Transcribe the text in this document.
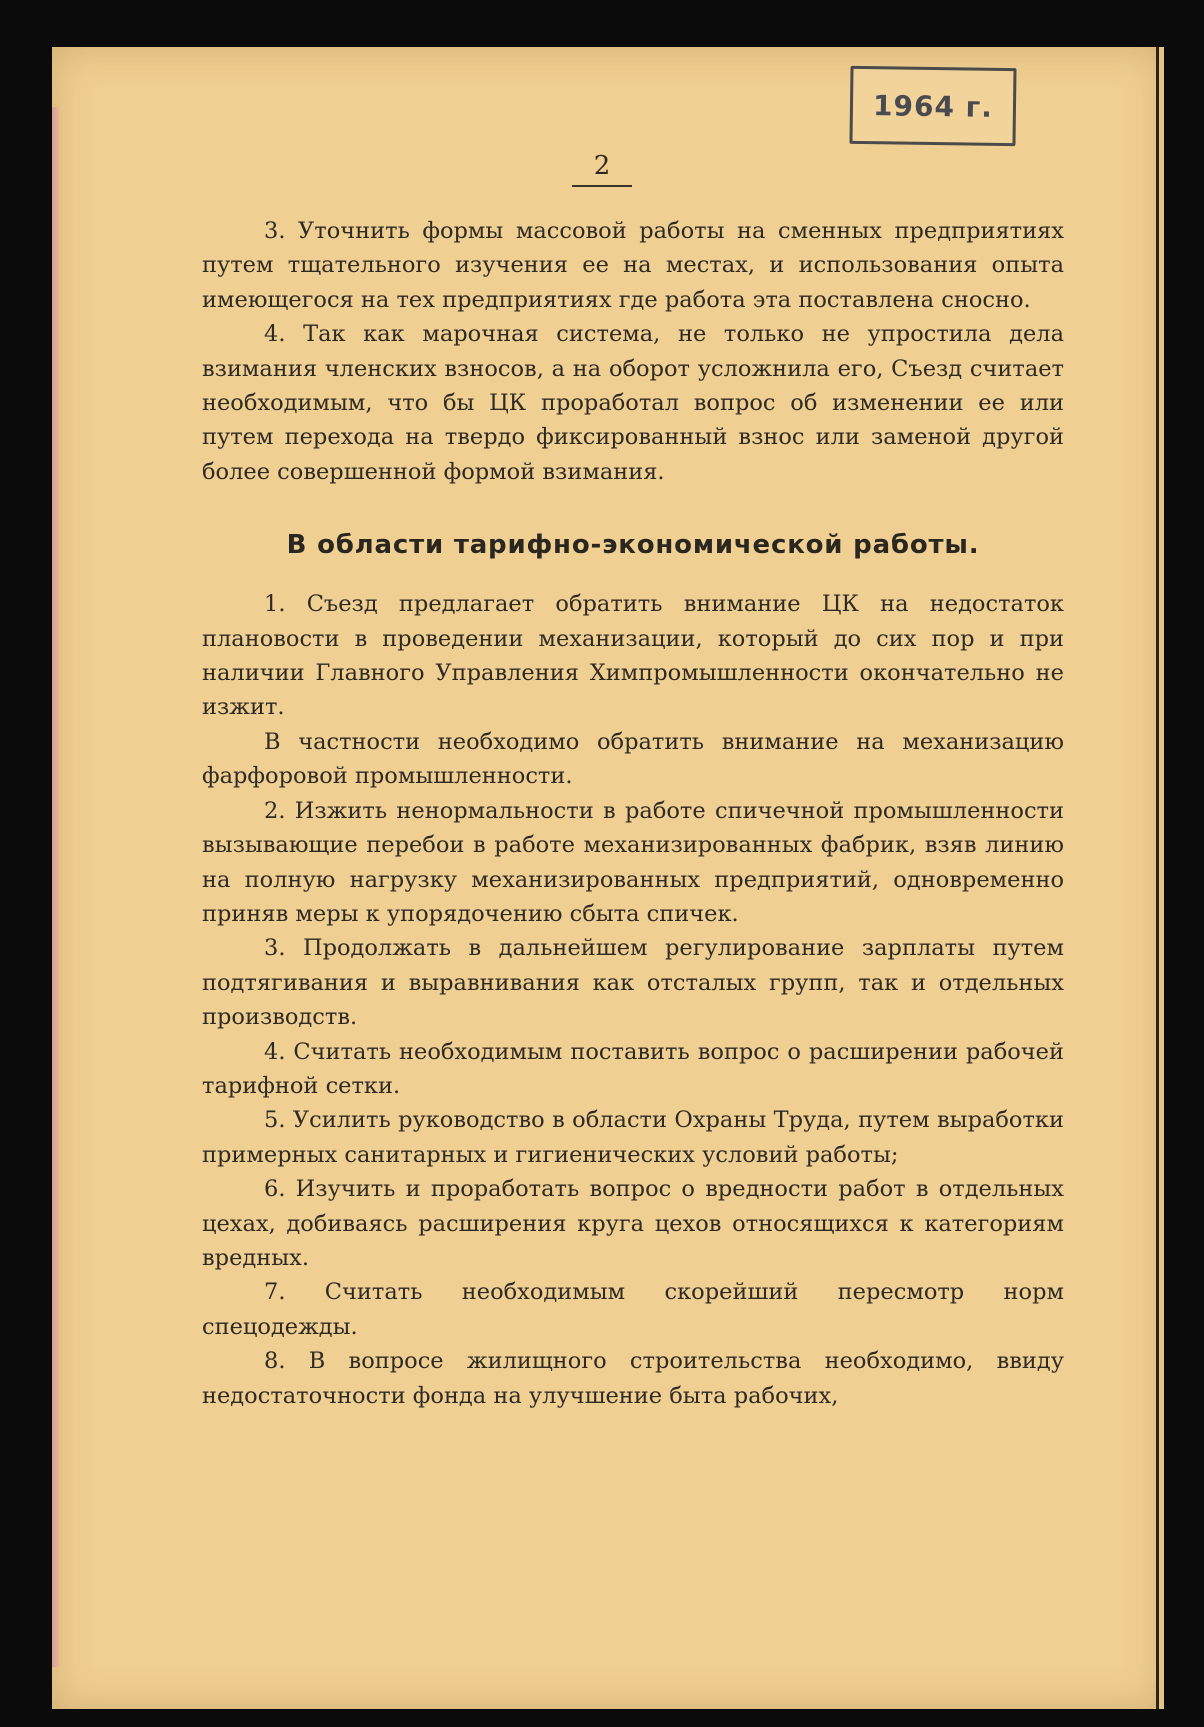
1964 г.
2

3. Уточнить формы массовой работы на сменных предприятиях путем тщательного изучения ее на местах, и использования опыта имеющегося на тех предприятиях где работа эта поставлена сносно.

4. Так как марочная система, не только не упростила дела взимания членских взносов, а на оборот усложнила его, Съезд считает необходимым, что бы ЦК проработал вопрос об изменении ее или путем перехода на твердо фиксированный взнос или заменой другой более совершенной формой взимания.

В области тарифно-экономической работы.

1. Съезд предлагает обратить внимание ЦК на недостаток плановости в проведении механизации, который до сих пор и при наличии Главного Управления Химпромышленности окончательно не изжит.

В частности необходимо обратить внимание на механизацию фарфоровой промышленности.

2. Изжить ненормальности в работе спичечной промышленности вызывающие перебои в работе механизированных фабрик, взяв линию на полную нагрузку механизированных предприятий, одновременно приняв меры к упорядочению сбыта спичек.

3. Продолжать в дальнейшем регулирование зарплаты путем подтягивания и выравнивания как отсталых групп, так и отдельных производств.

4. Считать необходимым поставить вопрос о расширении рабочей тарифной сетки.

5. Усилить руководство в области Охраны Труда, путем выработки примерных санитарных и гигиенических условий работы;

6. Изучить и проработать вопрос о вредности работ в отдельных цехах, добиваясь расширения круга цехов относящихся к категориям вредных.

7. Считать необходимым скорейший пересмотр норм спецодежды.

8. В вопросе жилищного строительства необходимо, ввиду недостаточности фонда на улучшение быта рабочих,
